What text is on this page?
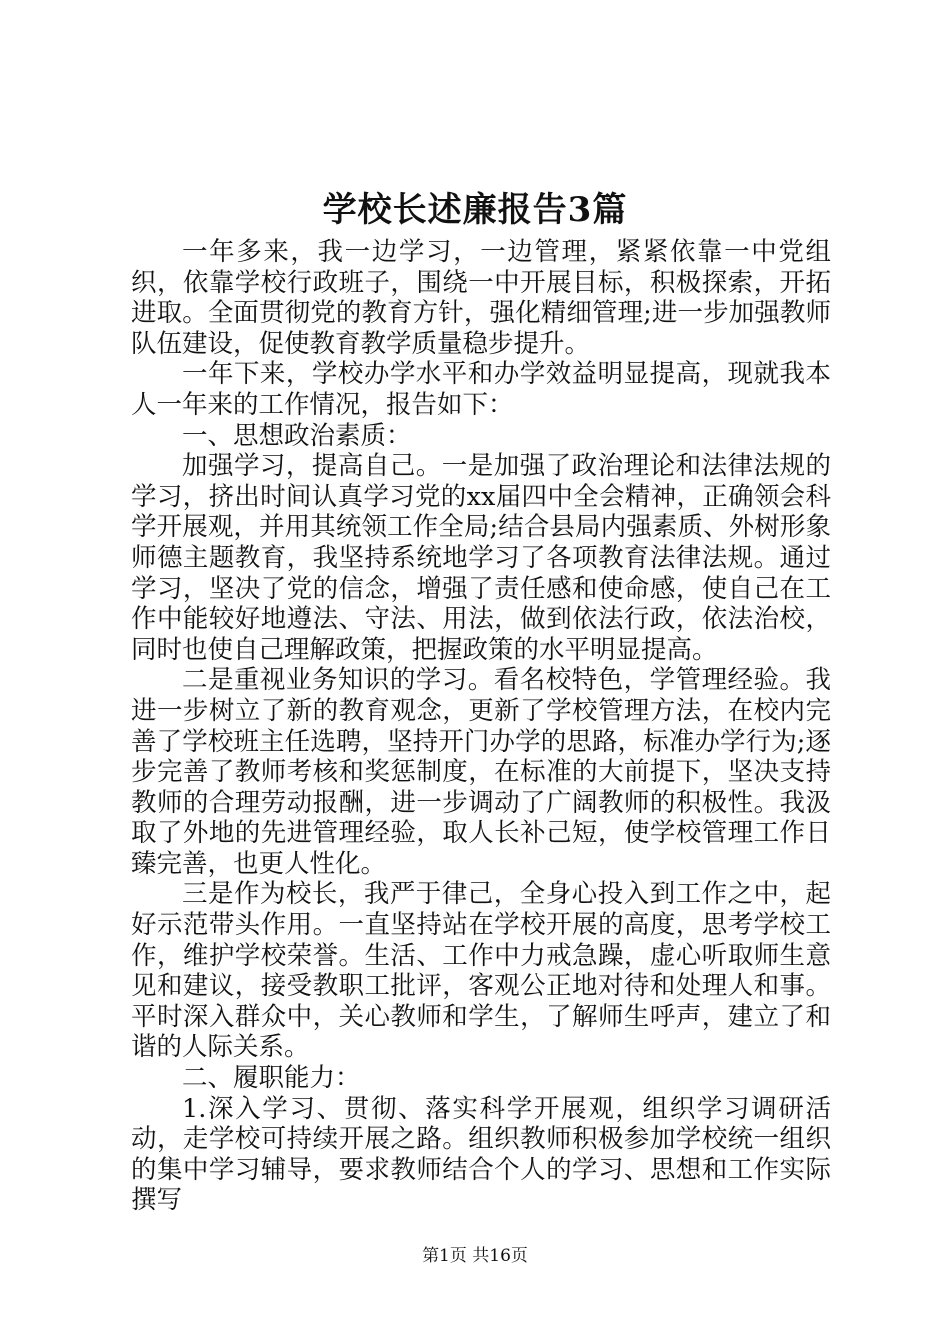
学校长述廉报告3篇

一年多来，我一边学习，一边管理，紧紧依靠一中党组织，依靠学校行政班子，围绕一中开展目标，积极探索，开拓进取。全面贯彻党的教育方针，强化精细管理;进一步加强教师队伍建设，促使教育教学质量稳步提升。

一年下来，学校办学水平和办学效益明显提高，现就我本人一年来的工作情况，报告如下：

一、思想政治素质：

加强学习，提高自己。一是加强了政治理论和法律法规的学习，挤出时间认真学习党的xx届四中全会精神，正确领会科学开展观，并用其统领工作全局;结合县局内强素质、外树形象师德主题教育，我坚持系统地学习了各项教育法律法规。通过学习，坚决了党的信念，增强了责任感和使命感，使自己在工作中能较好地遵法、守法、用法，做到依法行政，依法治校，同时也使自己理解政策，把握政策的水平明显提高。

二是重视业务知识的学习。看名校特色，学管理经验。我进一步树立了新的教育观念，更新了学校管理方法，在校内完善了学校班主任选聘，坚持开门办学的思路，标准办学行为;逐步完善了教师考核和奖惩制度，在标准的大前提下，坚决支持教师的合理劳动报酬，进一步调动了广阔教师的积极性。我汲取了外地的先进管理经验，取人长补己短，使学校管理工作日臻完善，也更人性化。

三是作为校长，我严于律己，全身心投入到工作之中，起好示范带头作用。一直坚持站在学校开展的高度，思考学校工作，维护学校荣誉。生活、工作中力戒急躁，虚心听取师生意见和建议，接受教职工批评，客观公正地对待和处理人和事。平时深入群众中，关心教师和学生，了解师生呼声，建立了和谐的人际关系。

二、履职能力：

1.深入学习、贯彻、落实科学开展观，组织学习调研活动，走学校可持续开展之路。组织教师积极参加学校统一组织的集中学习辅导，要求教师结合个人的学习、思想和工作实际撰写

第1页 共16页
